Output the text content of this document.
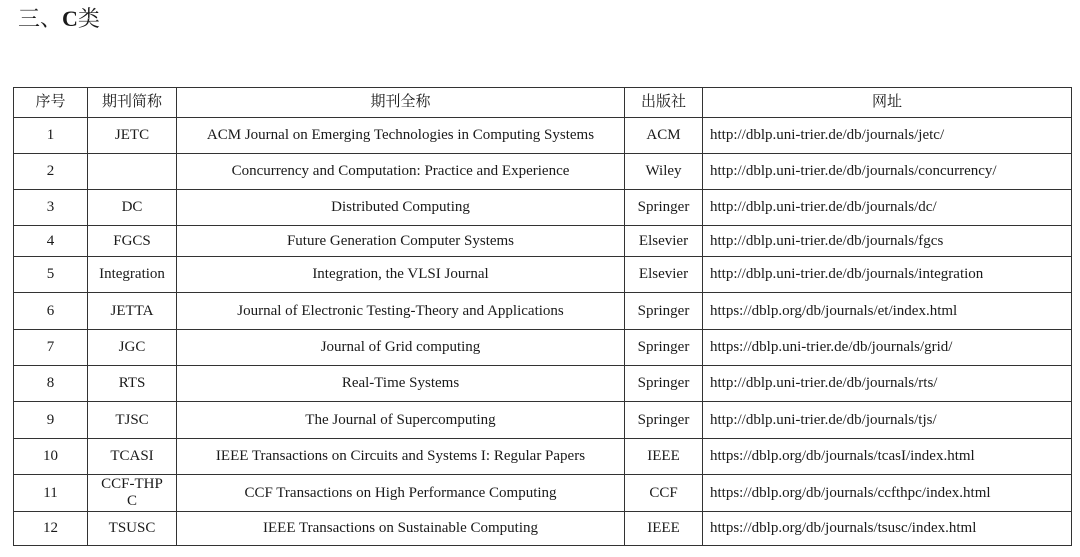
三、C类
序号	期刊简称	期刊全称	出版社	网址
1	JETC	ACM Journal on Emerging Technologies in Computing Systems	ACM	http://dblp.uni-trier.de/db/journals/jetc/
2		Concurrency and Computation: Practice and Experience	Wiley	http://dblp.uni-trier.de/db/journals/concurrency/
3	DC	Distributed Computing	Springer	http://dblp.uni-trier.de/db/journals/dc/
4	FGCS	Future Generation Computer Systems	Elsevier	http://dblp.uni-trier.de/db/journals/fgcs
5	Integration	Integration, the VLSI Journal	Elsevier	http://dblp.uni-trier.de/db/journals/integration
6	JETTA	Journal of Electronic Testing-Theory and Applications	Springer	https://dblp.org/db/journals/et/index.html
7	JGC	Journal of Grid computing	Springer	https://dblp.uni-trier.de/db/journals/grid/
8	RTS	Real-Time Systems	Springer	http://dblp.uni-trier.de/db/journals/rts/
9	TJSC	The Journal of Supercomputing	Springer	http://dblp.uni-trier.de/db/journals/tjs/
10	TCASI	IEEE Transactions on Circuits and Systems I: Regular Papers	IEEE	https://dblp.org/db/journals/tcasI/index.html
11	CCF-THPC	CCF Transactions on High Performance Computing	CCF	https://dblp.org/db/journals/ccfthpc/index.html
12	TSUSC	IEEE Transactions on Sustainable Computing	IEEE	https://dblp.org/db/journals/tsusc/index.html
